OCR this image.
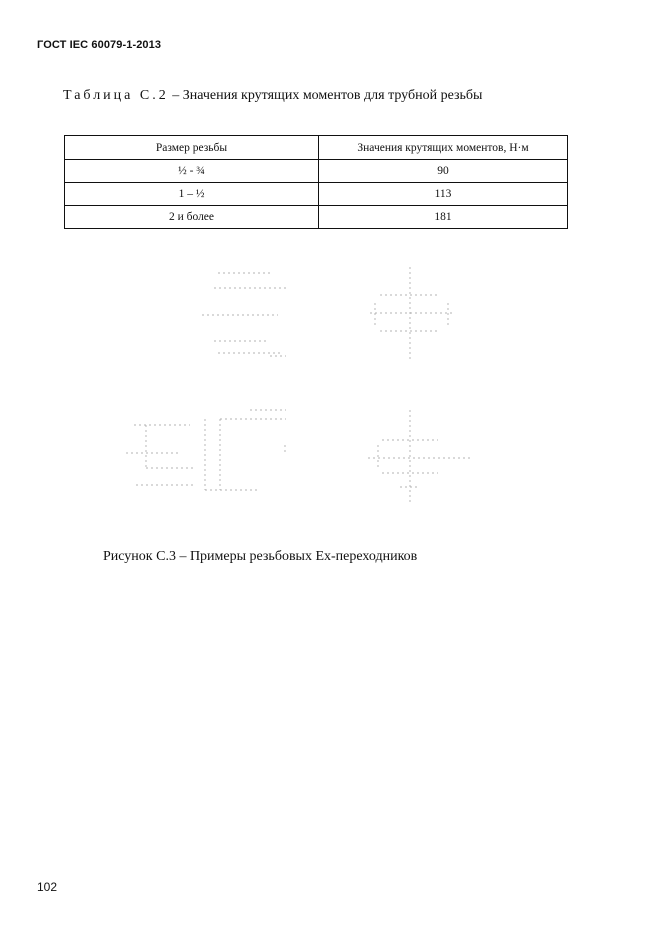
ГОСТ IEC 60079-1-2013
Таблица С.2 – Значения крутящих моментов для трубной резьбы
Размер резьбы	Значения крутящих моментов, Н·м
½ - ¾	90
1 – ½	113
2 и более	181
Рисунок С.3 – Примеры резьбовых Ех-переходников
102
